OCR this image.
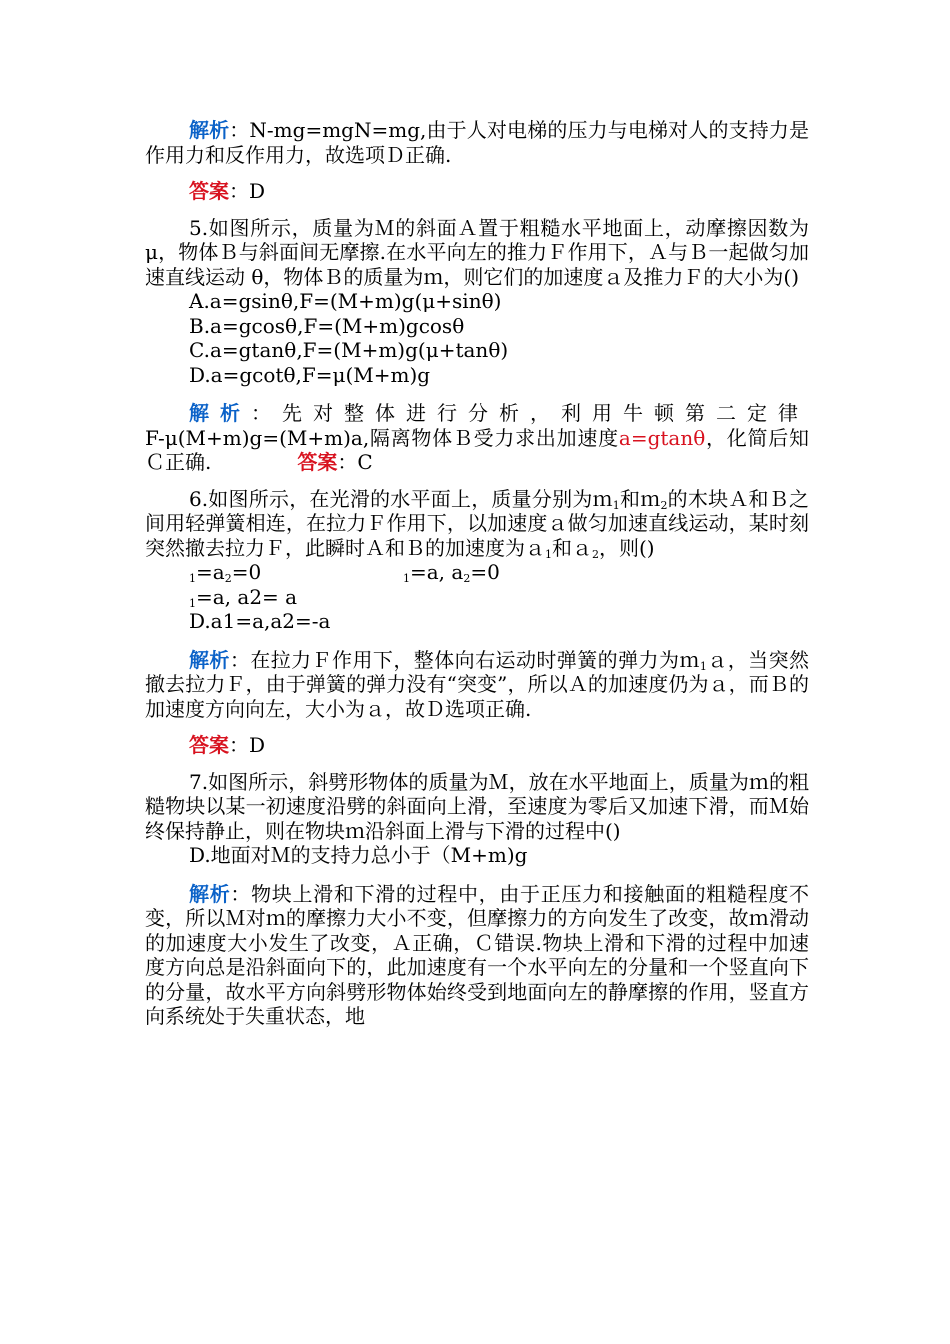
解析：N-mg=mgN=mg,由于人对电梯的压力与电梯对人的支持力是作用力和反作用力，故选项Ｄ正确.

答案：D

5.如图所示，质量为Ｍ的斜面Ａ置于粗糙水平地面上，动摩擦因数为μ，物体Ｂ与斜面间无摩擦.在水平向左的推力Ｆ作用下，Ａ与Ｂ一起做匀加速直线运动 θ，物体Ｂ的质量为ｍ，则它们的加速度ａ及推力Ｆ的大小为()

A.a=gsinθ,F=(M+m)g(μ+sinθ)

B.a=gcosθ,F=(M+m)gcosθ

C.a=gtanθ,F=(M+m)g(μ+tanθ)

D.a=gcotθ,F=μ(M+m)g

解析：先对整体进行分析，利用牛顿第二定律 F-μ(M+m)g=(M+m)a,隔离物体Ｂ受力求出加速度a=gtanθ，化简后知Ｃ正确.	答案：C

6.如图所示，在光滑的水平面上，质量分别为ｍ$_1$和ｍ$_2$的木块Ａ和Ｂ之间用轻弹簧相连，在拉力Ｆ作用下，以加速度ａ做匀加速直线运动，某时刻突然撤去拉力Ｆ，此瞬时Ａ和Ｂ的加速度为ａ$_1$和ａ$_2$，则()

$_1=a_2=0$	$_1$=a, $a_2=0$

$_1$=a, a2= a

D.a1=a,a2=-a

解析：在拉力Ｆ作用下，整体向右运动时弹簧的弹力为ｍ$_1$ａ，当突然撤去拉力Ｆ，由于弹簧的弹力没有“突变”，所以Ａ的加速度仍为ａ，而Ｂ的加速度方向向左，大小为ａ，故Ｄ选项正确.

答案：D

7.如图所示，斜劈形物体的质量为Ｍ，放在水平地面上，质量为ｍ的粗糙物块以某一初速度沿劈的斜面向上滑，至速度为零后又加速下滑，而Ｍ始终保持静止，则在物块ｍ沿斜面上滑与下滑的过程中()

D.地面对Ｍ的支持力总小于（M+m)g

解析：物块上滑和下滑的过程中，由于正压力和接触面的粗糙程度不变，所以Ｍ对ｍ的摩擦力大小不变，但摩擦力的方向发生了改变，故ｍ滑动的加速度大小发生了改变，Ａ正确，Ｃ错误.物块上滑和下滑的过程中加速度方向总是沿斜面向下的，此加速度有一个水平向左的分量和一个竖直向下的分量，故水平方向斜劈形物体始终受到地面向左的静摩擦的作用，竖直方向系统处于失重状态，地
